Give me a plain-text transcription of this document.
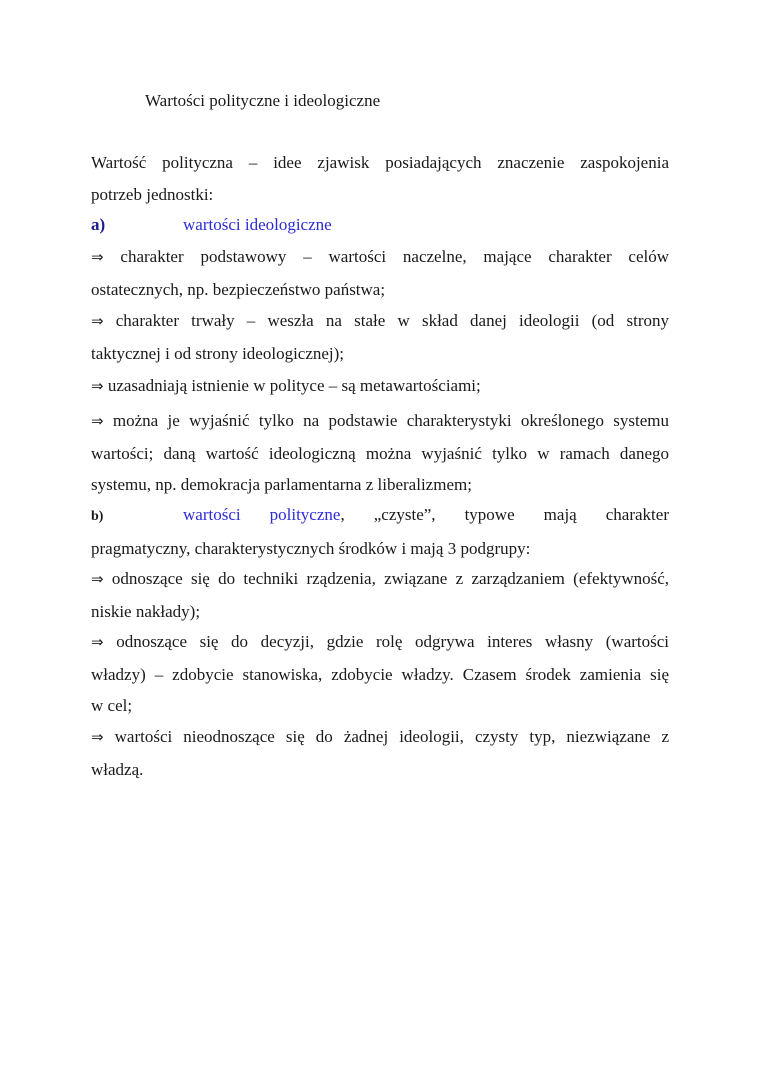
Wartości polityczne i ideologiczne

Wartość polityczna – idee zjawisk posiadających znaczenie zaspokojenia
potrzeb jednostki:

a)	wartości ideologiczne

⇒ charakter podstawowy – wartości naczelne, mające charakter celów
ostatecznych, np. bezpieczeństwo państwa;

⇒ charakter trwały – weszła na stałe w skład danej ideologii (od strony
taktycznej i od strony ideologicznej);

⇒ uzasadniają istnienie w polityce – są metawartościami;

⇒ można je wyjaśnić tylko na podstawie charakterystyki określonego systemu
wartości; daną wartość ideologiczną można wyjaśnić tylko w ramach danego
systemu, np. demokracja parlamentarna z liberalizmem;

b)	wartości polityczne, „czyste”, typowe mają charakter
pragmatyczny, charakterystycznych środków i mają 3 podgrupy:

⇒ odnoszące się do techniki rządzenia, związane z zarządzaniem (efektywność,
niskie nakłady);

⇒ odnoszące się do decyzji, gdzie rolę odgrywa interes własny (wartości
władzy) – zdobycie stanowiska, zdobycie władzy. Czasem środek zamienia się
w cel;

⇒ wartości nieodnoszące się do żadnej ideologii, czysty typ, niezwiązane z
władzą.
